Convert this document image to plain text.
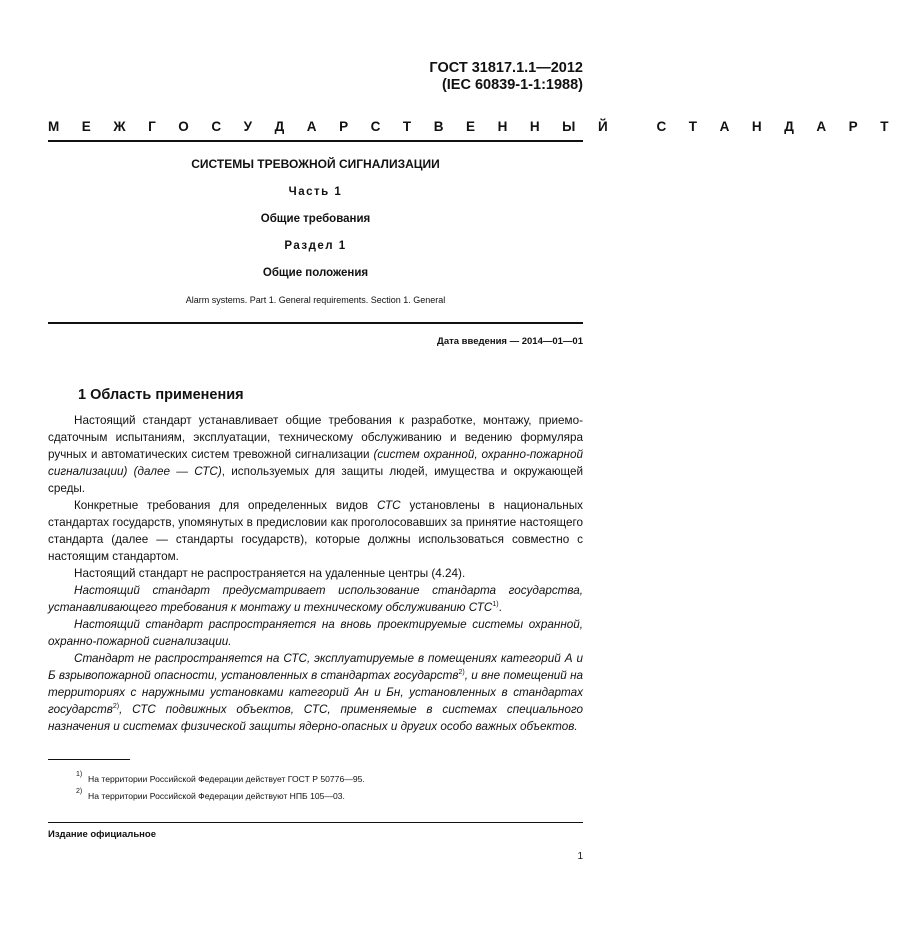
ГОСТ 31817.1.1—2012
(IEC 60839-1-1:1988)
М Е Ж Г О С У Д А Р С Т В Е Н Н Ы Й   С Т А Н Д А Р Т
СИСТЕМЫ ТРЕВОЖНОЙ СИГНАЛИЗАЦИИ
Часть 1
Общие требования
Раздел 1
Общие положения
Alarm systems. Part 1. General requirements. Section 1. General
Дата введения — 2014—01—01
1 Область применения

Настоящий стандарт устанавливает общие требования к разработке, монтажу, приемо-сдаточным испытаниям, эксплуатации, техническому обслуживанию и ведению формуляра ручных и автоматических систем тревожной сигнализации (систем охранной, охранно-пожарной сигнализации) (далее — СТС), используемых для защиты людей, имущества и окружающей среды.

Конкретные требования для определенных видов СТС установлены в национальных стандартах государств, упомянутых в предисловии как проголосовавших за принятие настоящего стандарта (далее — стандарты государств), которые должны использоваться совместно с настоящим стандартом.

Настоящий стандарт не распространяется на удаленные центры (4.24).

Настоящий стандарт предусматривает использование стандарта государства, устанавливающего требования к монтажу и техническому обслуживанию СТС$^{1)}$.

Настоящий стандарт распространяется на вновь проектируемые системы охранной, охранно-пожарной сигнализации.

Стандарт не распространяется на СТС, эксплуатируемые в помещениях категорий А и Б взрывопожарной опасности, установленных в стандартах государств$^{2)}$, и вне помещений на территориях с наружными установками категорий Ан и Бн, установленных в стандартах государств$^{2)}$, СТС подвижных объектов, СТС, применяемые в системах специального назначения и системах физической защиты ядерно-опасных и других особо важных объектов.

1) На территории Российской Федерации действует ГОСТ Р 50776—95.
2) На территории Российской Федерации действуют НПБ 105—03.
Издание официальное
1
